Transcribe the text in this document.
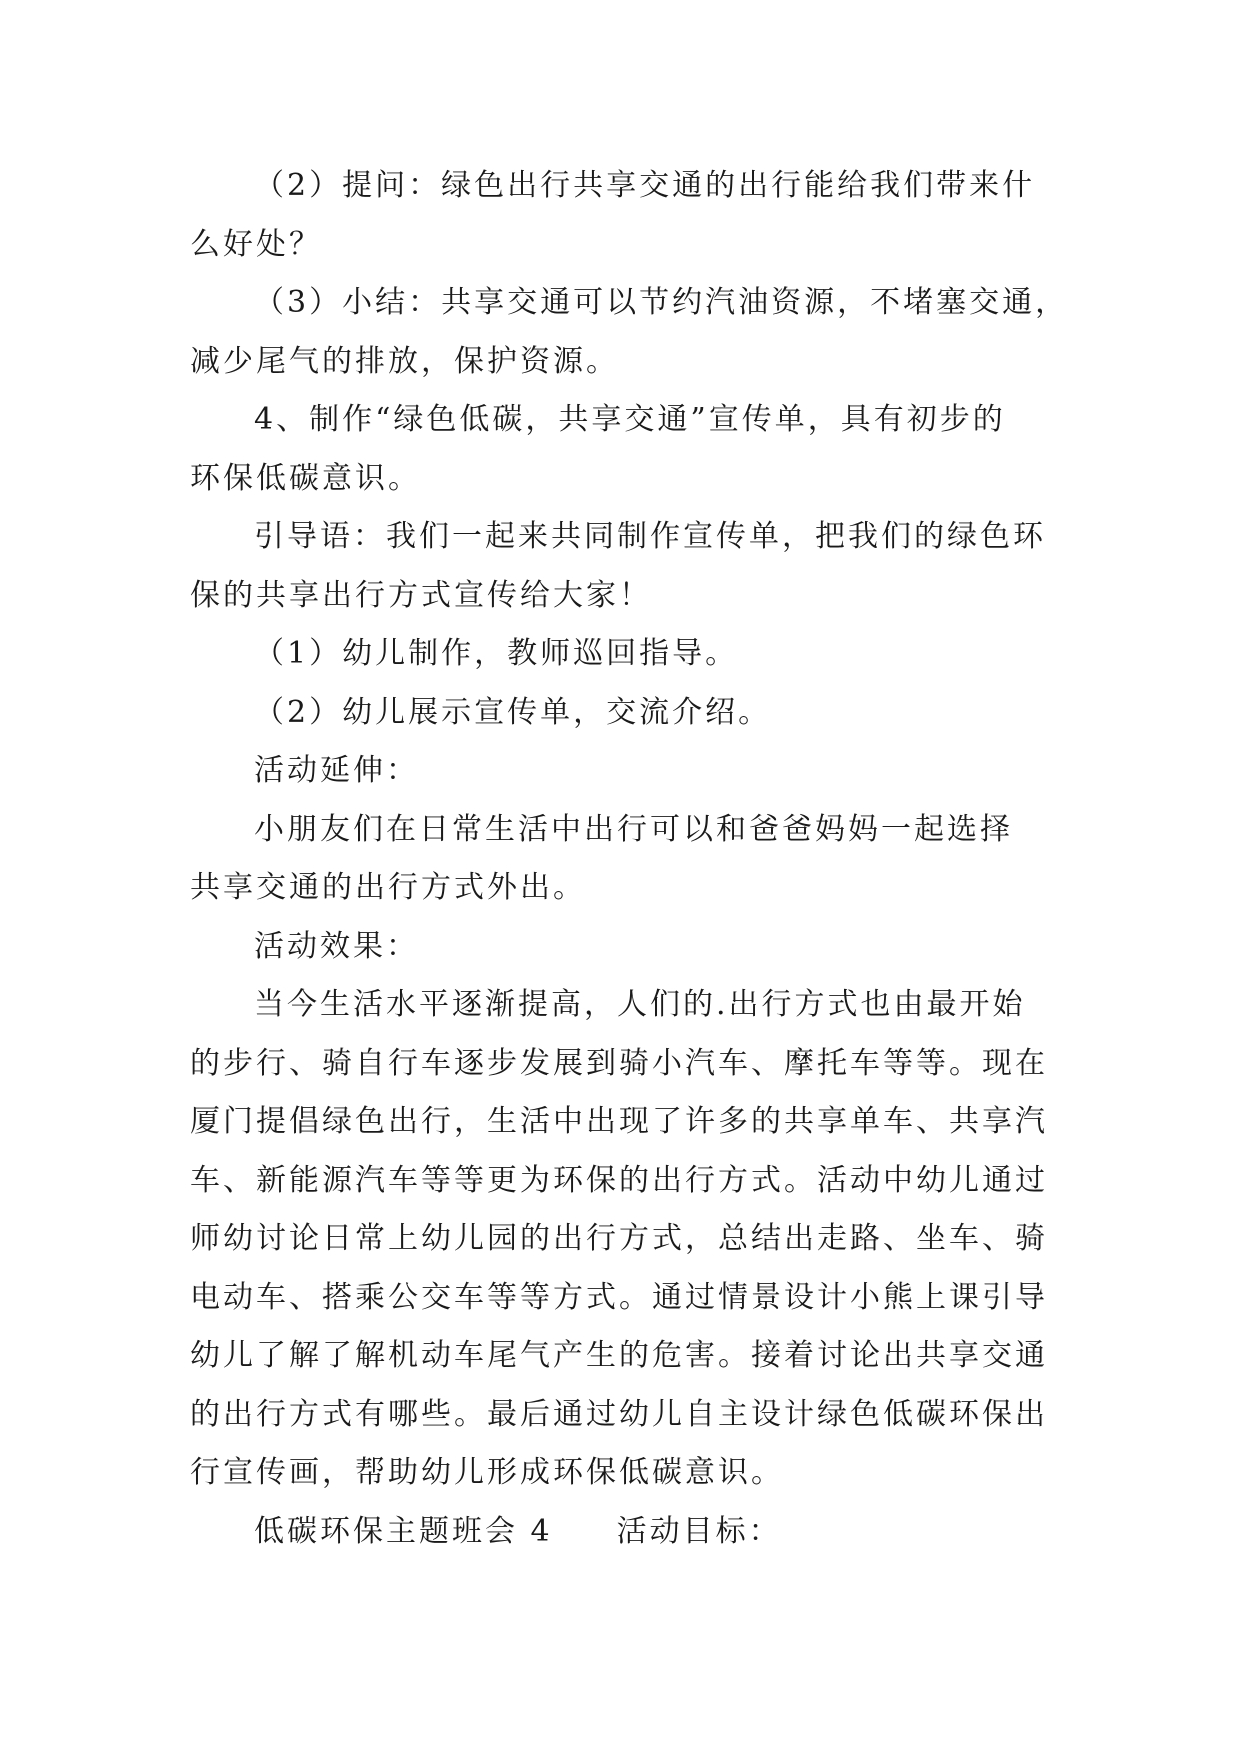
（2）提问：绿色出行共享交通的出行能给我们带来什
么好处？
（3）小结：共享交通可以节约汽油资源，不堵塞交通，
减少尾气的排放，保护资源。
4、制作“绿色低碳，共享交通”宣传单，具有初步的
环保低碳意识。
引导语：我们一起来共同制作宣传单，把我们的绿色环
保的共享出行方式宣传给大家！
（1）幼儿制作，教师巡回指导。
（2）幼儿展示宣传单，交流介绍。
活动延伸：
小朋友们在日常生活中出行可以和爸爸妈妈一起选择
共享交通的出行方式外出。
活动效果：
当今生活水平逐渐提高，人们的.出行方式也由最开始
的步行、骑自行车逐步发展到骑小汽车、摩托车等等。现在
厦门提倡绿色出行，生活中出现了许多的共享单车、共享汽
车、新能源汽车等等更为环保的出行方式。活动中幼儿通过
师幼讨论日常上幼儿园的出行方式，总结出走路、坐车、骑
电动车、搭乘公交车等等方式。通过情景设计小熊上课引导
幼儿了解了解机动车尾气产生的危害。接着讨论出共享交通
的出行方式有哪些。最后通过幼儿自主设计绿色低碳环保出
行宣传画，帮助幼儿形成环保低碳意识。
低碳环保主题班会 4 活动目标：
